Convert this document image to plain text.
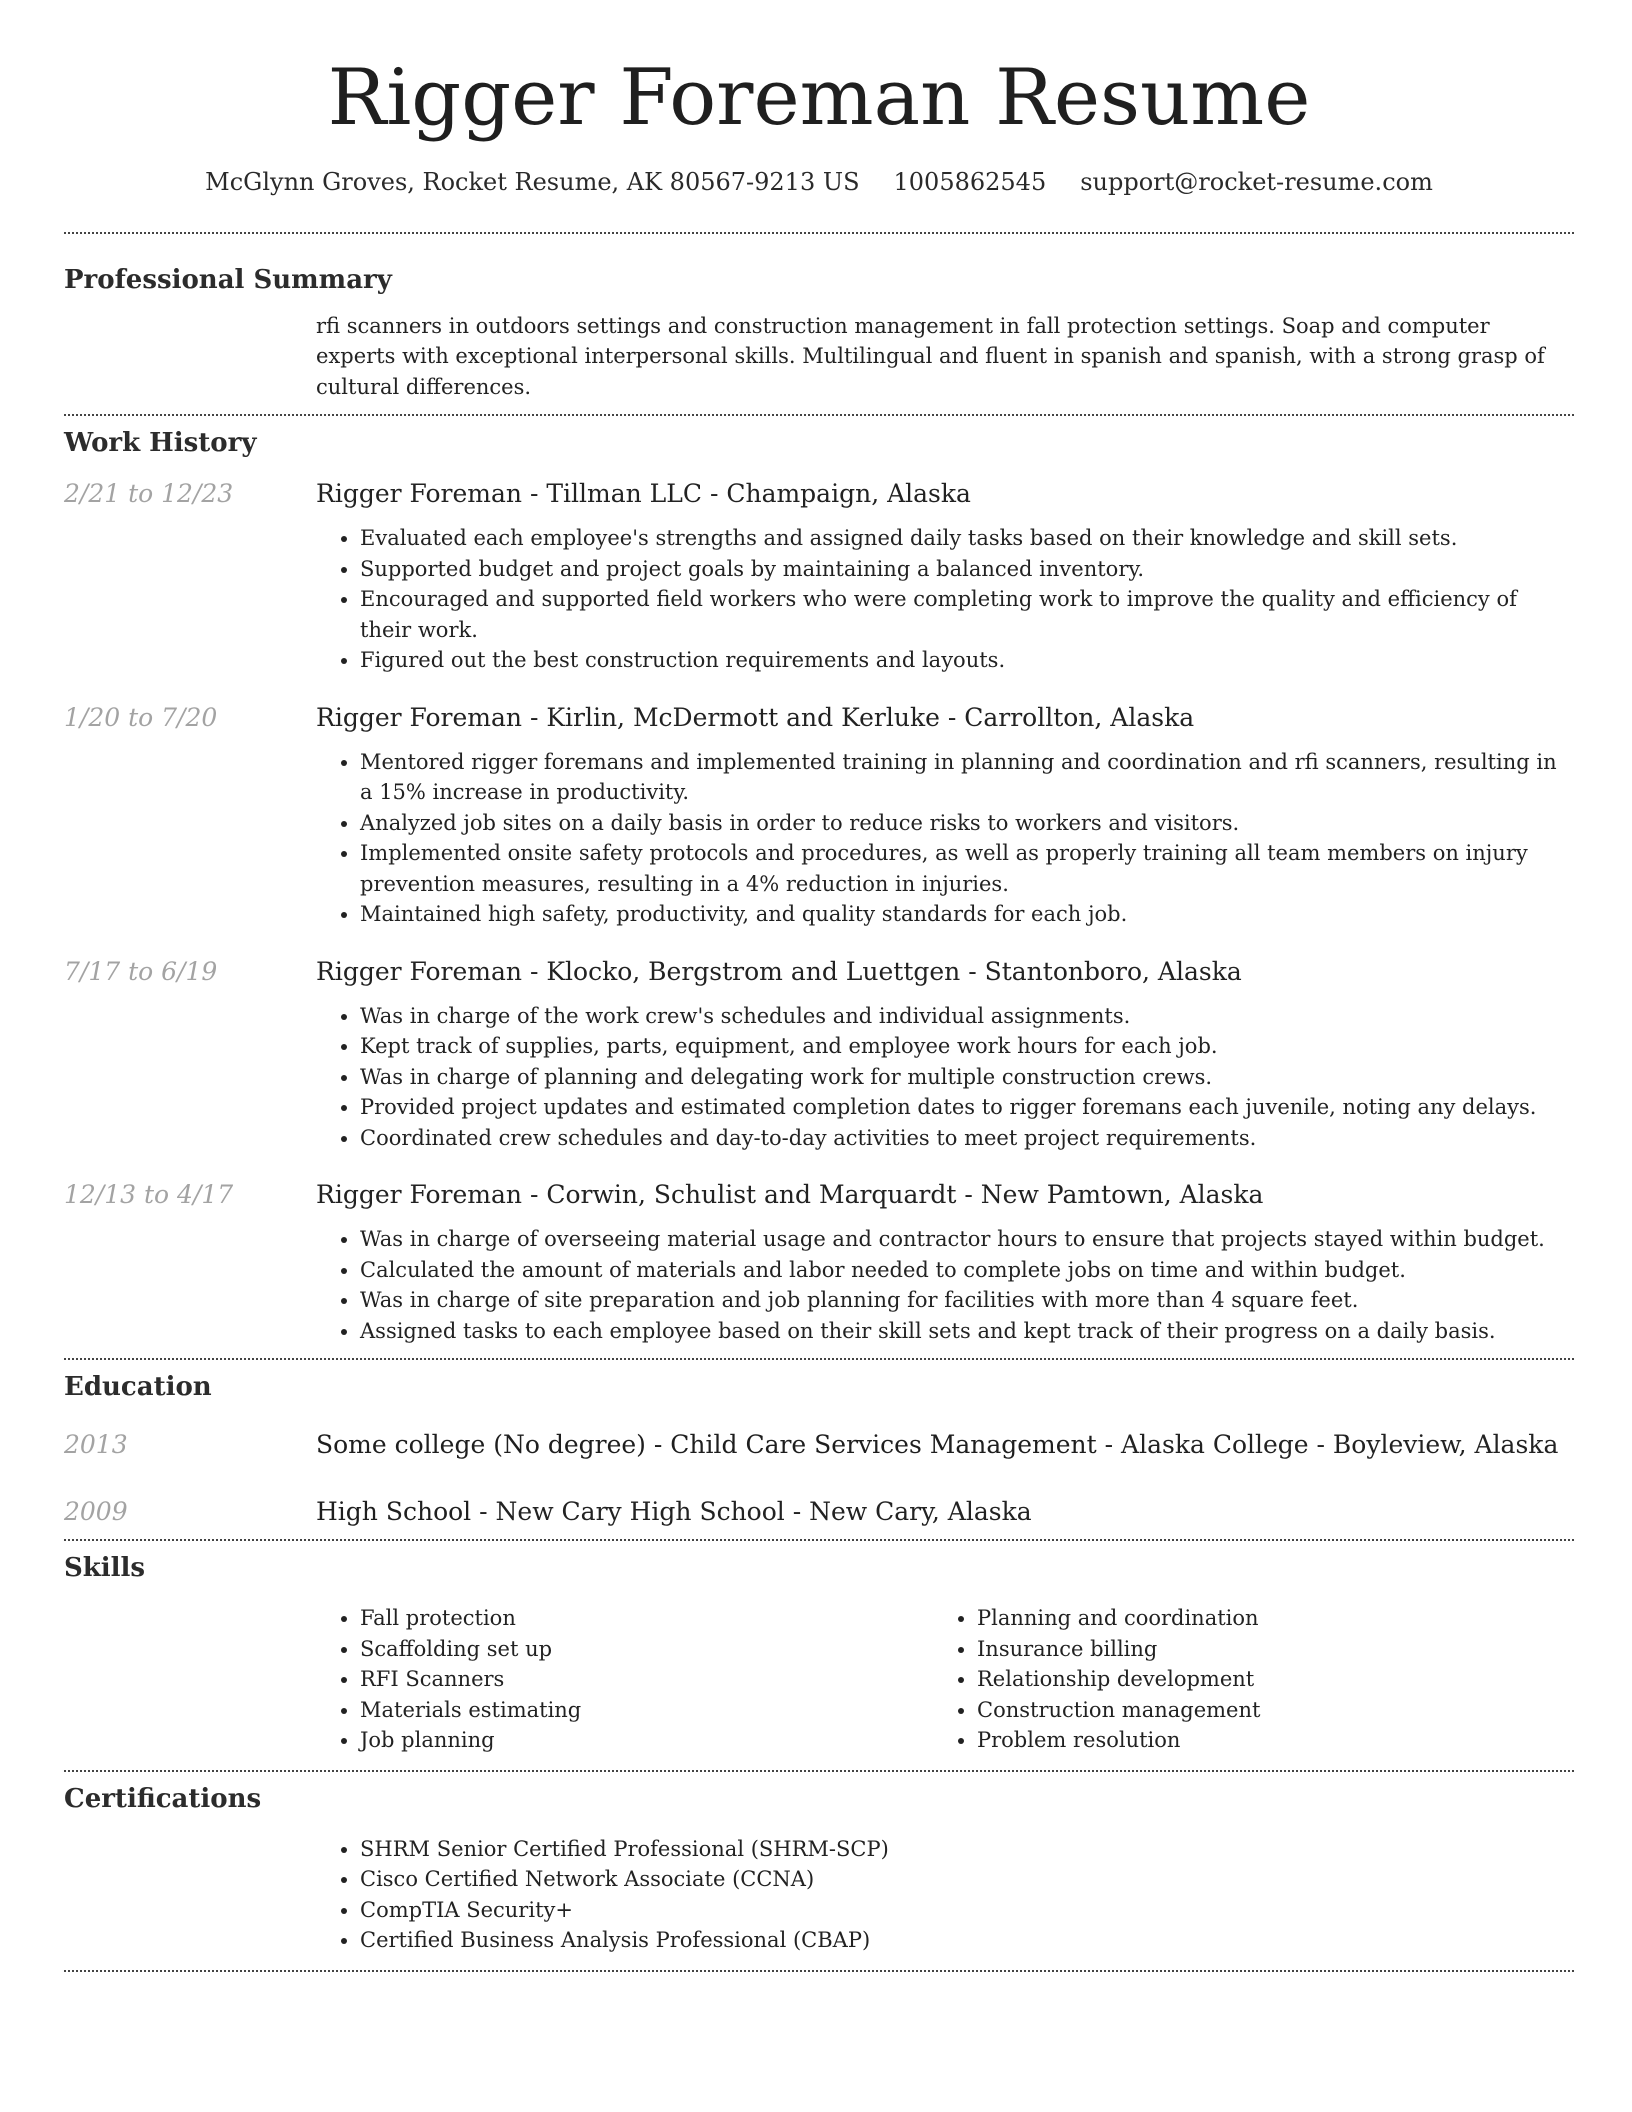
Rigger Foreman Resume
McGlynn Groves, Rocket Resume, AK 80567-9213 US 1005862545 support@rocket-resume.com
Professional Summary
rfi scanners in outdoors settings and construction management in fall protection settings. Soap and computer experts with exceptional interpersonal skills. Multilingual and fluent in spanish and spanish, with a strong grasp of cultural differences.
Work History
2/21 to 12/23	Rigger Foreman - Tillman LLC - Champaign, Alaska
• Evaluated each employee's strengths and assigned daily tasks based on their knowledge and skill sets.
• Supported budget and project goals by maintaining a balanced inventory.
• Encouraged and supported field workers who were completing work to improve the quality and efficiency of their work.
• Figured out the best construction requirements and layouts.
1/20 to 7/20	Rigger Foreman - Kirlin, McDermott and Kerluke - Carrollton, Alaska
• Mentored rigger foremans and implemented training in planning and coordination and rfi scanners, resulting in a 15% increase in productivity.
• Analyzed job sites on a daily basis in order to reduce risks to workers and visitors.
• Implemented onsite safety protocols and procedures, as well as properly training all team members on injury prevention measures, resulting in a 4% reduction in injuries.
• Maintained high safety, productivity, and quality standards for each job.
7/17 to 6/19	Rigger Foreman - Klocko, Bergstrom and Luettgen - Stantonboro, Alaska
• Was in charge of the work crew's schedules and individual assignments.
• Kept track of supplies, parts, equipment, and employee work hours for each job.
• Was in charge of planning and delegating work for multiple construction crews.
• Provided project updates and estimated completion dates to rigger foremans each juvenile, noting any delays.
• Coordinated crew schedules and day-to-day activities to meet project requirements.
12/13 to 4/17	Rigger Foreman - Corwin, Schulist and Marquardt - New Pamtown, Alaska
• Was in charge of overseeing material usage and contractor hours to ensure that projects stayed within budget.
• Calculated the amount of materials and labor needed to complete jobs on time and within budget.
• Was in charge of site preparation and job planning for facilities with more than 4 square feet.
• Assigned tasks to each employee based on their skill sets and kept track of their progress on a daily basis.
Education
2013	Some college (No degree) - Child Care Services Management - Alaska College - Boyleview, Alaska
2009	High School - New Cary High School - New Cary, Alaska
Skills
• Fall protection
• Scaffolding set up
• RFI Scanners
• Materials estimating
• Job planning
• Planning and coordination
• Insurance billing
• Relationship development
• Construction management
• Problem resolution
Certifications
• SHRM Senior Certified Professional (SHRM-SCP)
• Cisco Certified Network Associate (CCNA)
• CompTIA Security+
• Certified Business Analysis Professional (CBAP)
